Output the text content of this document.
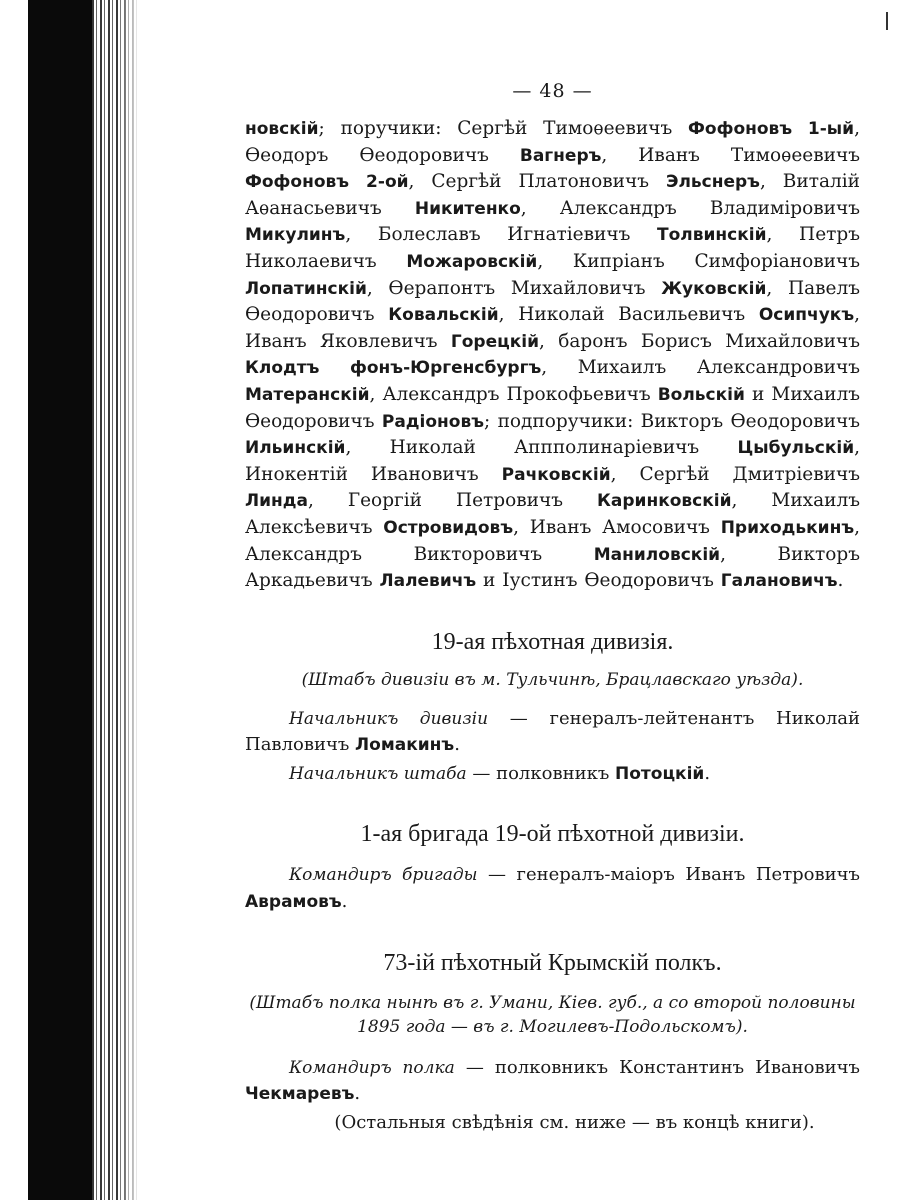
— 48 —

новскій; поручики: Сергѣй Тимоѳеевичъ Фофоновъ 1-ый, Ѳеодоръ Ѳеодоровичъ Вагнеръ, Иванъ Тимоѳеевичъ Фофоновъ 2-ой, Сергѣй Платоновичъ Эльснеръ, Виталій Аѳанасьевичъ Никитенко, Александръ Владиміровичъ Микулинъ, Болеславъ Игнатіевичъ Толвинскій, Петръ Николаевичъ Можаровскій, Кипріанъ Симфоріановичъ Лопатинскій, Ѳерапонтъ Михайловичъ Жуковскій, Павелъ Ѳеодоровичъ Ковальскій, Николай Васильевичъ Осипчукъ, Иванъ Яковлевичъ Горецкій, баронъ Борисъ Михайловичъ Клодтъ фонъ-Юргенсбургъ, Михаилъ Александровичъ Матеранскій, Александръ Прокофьевичъ Вольскій и Михаилъ Ѳеодоровичъ Радіоновъ; подпоручики: Викторъ Ѳеодоровичъ Ильинскій, Николай Аппполинаріевичъ Цыбульскій, Инокентій Ивановичъ Рачковскій, Сергѣй Дмитріевичъ Линда, Георгій Петровичъ Каринковскій, Михаилъ Алексѣевичъ Островидовъ, Иванъ Амосовичъ Приходькинъ, Александръ Викторовичъ Маниловскій, Викторъ Аркадьевичъ Лалевичъ и Іустинъ Ѳеодоровичъ Галановичъ.

19-ая пѣхотная дивизія.
(Штабъ дивизіи въ м. Тульчинѣ, Брацлавскаго уѣзда).

Начальникъ дивизіи — генералъ-лейтенантъ Николай Павловичъ Ломакинъ.

Начальникъ штаба — полковникъ Потоцкій.

1-ая бригада 19-ой пѣхотной дивизіи.

Командиръ бригады — генералъ-маіоръ Иванъ Петровичъ Аврамовъ.

73-ій пѣхотный Крымскій полкъ.
(Штабъ полка нынѣ въ г. Умани, Кіев. губ., а со второй половины
1895 года — въ г. Могилевъ-Подольскомъ).

Командиръ полка — полковникъ Константинъ Ивановичъ Чекмаревъ.

(Остальныя свѣдѣнія см. ниже — въ концѣ книги).
